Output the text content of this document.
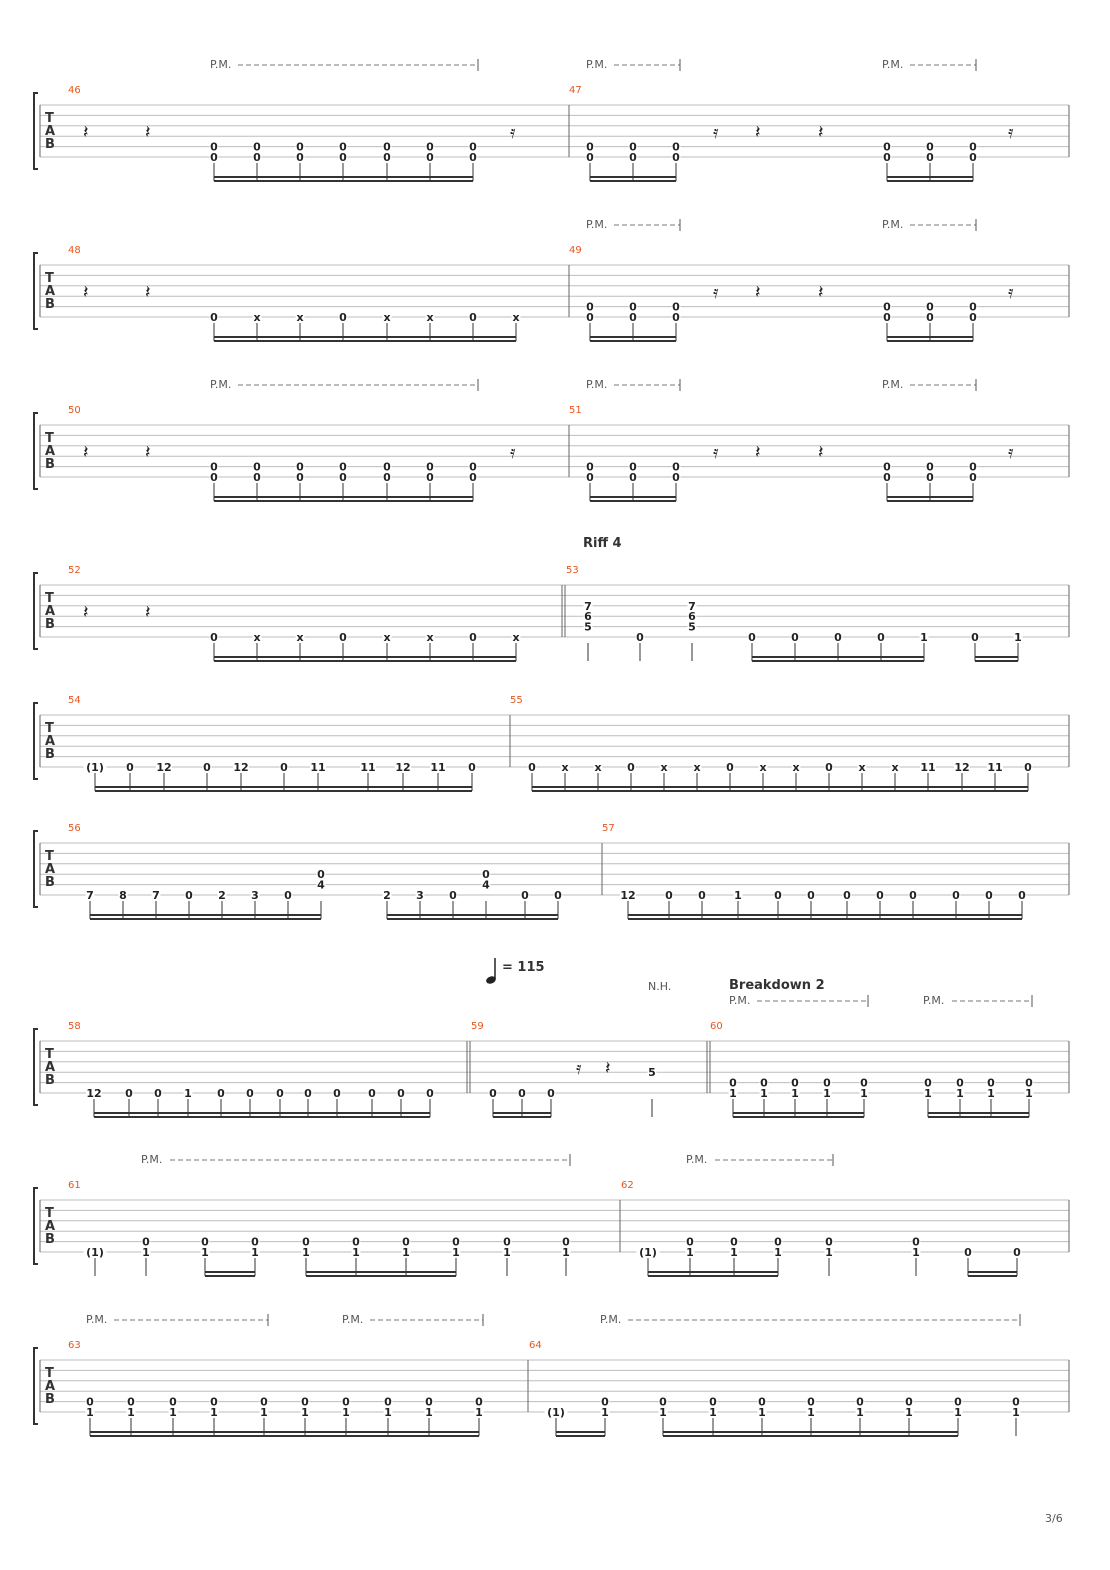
T
A
B
46	47
P.M.	P.M.	P.M.
𝄽	𝄽	𝄿	𝄿 𝄽	𝄽	𝄿
0
0
0
0
0
0
0
0
0
0
0
0
0
0
0
0
0
0
0
0
0
0
0
0
0
0
T
A
B
48	49
P.M.	P.M.
𝄽	𝄽	𝄿 𝄽	𝄽	𝄿
0	x	x	0	x	x	0	x
0
0
0
0
0
0
0
0
0
0
0
0
T
A
B
50	51
P.M.	P.M.	P.M.
𝄽	𝄽	𝄿	𝄿 𝄽	𝄽	𝄿
0
0
0
0
0
0
0
0
0
0
0
0
0
0
0
0
0
0
0
0
0
0
0
0
0
0
T
A
B
52	53
𝄽	𝄽
0	x	x	0	x	x	0	x
7
6
5
0
7
6
5
0	0	0	0	1	0	1
T
A
B
54	55
(1) 0 12	0 12	0 11	11 12 11 0	0 x x 0 x x 0 x x 0 x x 11 12 11 0
T
A
B
56	57
7 8 7 0 2 3 0
0
4
2 3 0
0
4
0 0	12	0 0	1	0 0	0 0 0	0 0 0
T
A
B
58	59	60
P.M.	P.M.
𝄿 𝄽
12 0 0 1 0 0 0 0 0 0 0 0	0 0 0
5
0
1
0
1
0
1
0
1
0
1
0
1
0
1
0
1
0
1
T
A
B
61	62
P.M.	P.M.
(1)
0
1
0
1
0
1
0
1
0
1
0
1
0
1
0
1
0
1	(1)
0
1
0
1
0
1
0
1
0
1	0	0
T
A
B
63	64
P.M.	P.M.	P.M.
0
1
0
1
0
1
0
1
0
1
0
1
0
1
0
1
0
1
0
1	(1)
0
1
0
1
0
1
0
1
0
1
0
1
0
1
0
1
0
1
= 115
Riff 4
Breakdown 2
N.H.
3/6
